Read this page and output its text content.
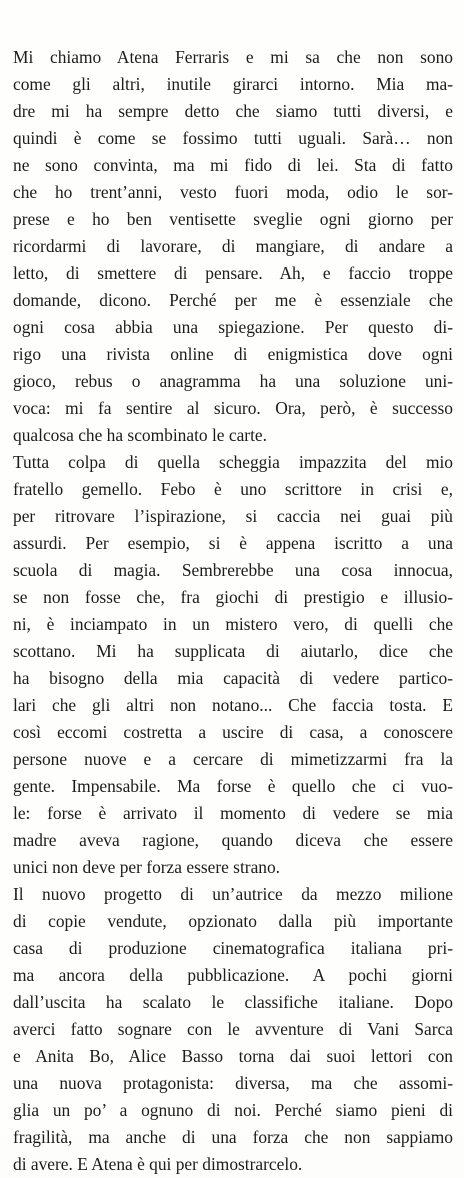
Mi chiamo Atena Ferraris e mi sa che non sono
come gli altri, inutile girarci intorno. Mia ma-
dre mi ha sempre detto che siamo tutti diversi, e
quindi è come se fossimo tutti uguali. Sarà… non
ne sono convinta, ma mi fido di lei. Sta di fatto
che ho trent’anni, vesto fuori moda, odio le sor-
prese e ho ben ventisette sveglie ogni giorno per
ricordarmi di lavorare, di mangiare, di andare a
letto, di smettere di pensare. Ah, e faccio troppe
domande, dicono. Perché per me è essenziale che
ogni cosa abbia una spiegazione. Per questo di-
rigo una rivista online di enigmistica dove ogni
gioco, rebus o anagramma ha una soluzione uni-
voca: mi fa sentire al sicuro. Ora, però, è successo
qualcosa che ha scombinato le carte.
Tutta colpa di quella scheggia impazzita del mio
fratello gemello. Febo è uno scrittore in crisi e,
per ritrovare l’ispirazione, si caccia nei guai più
assurdi. Per esempio, si è appena iscritto a una
scuola di magia. Sembrerebbe una cosa innocua,
se non fosse che, fra giochi di prestigio e illusio-
ni, è inciampato in un mistero vero, di quelli che
scottano. Mi ha supplicata di aiutarlo, dice che
ha bisogno della mia capacità di vedere partico-
lari che gli altri non notano... Che faccia tosta. E
così eccomi costretta a uscire di casa, a conoscere
persone nuove e a cercare di mimetizzarmi fra la
gente. Impensabile. Ma forse è quello che ci vuo-
le: forse è arrivato il momento di vedere se mia
madre aveva ragione, quando diceva che essere
unici non deve per forza essere strano.
Il nuovo progetto di un’autrice da mezzo milione
di copie vendute, opzionato dalla più importante
casa di produzione cinematografica italiana pri-
ma ancora della pubblicazione. A pochi giorni
dall’uscita ha scalato le classifiche italiane. Dopo
averci fatto sognare con le avventure di Vani Sarca
e Anita Bo, Alice Basso torna dai suoi lettori con
una nuova protagonista: diversa, ma che assomi-
glia un po’ a ognuno di noi. Perché siamo pieni di
fragilità, ma anche di una forza che non sappiamo
di avere. E Atena è qui per dimostrarcelo.
